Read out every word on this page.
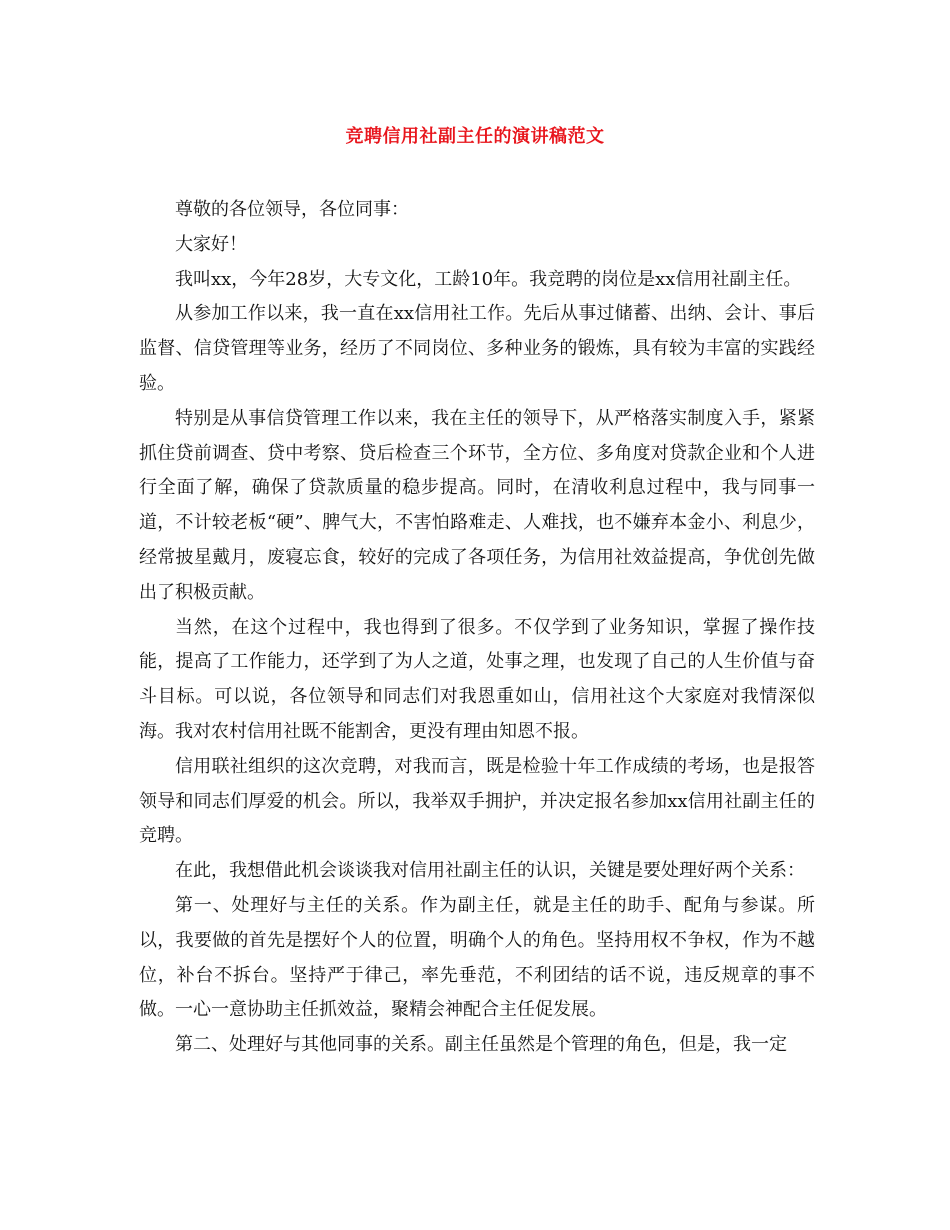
竞聘信用社副主任的演讲稿范文

尊敬的各位领导，各位同事：

大家好！

我叫xx，今年28岁，大专文化，工龄10年。我竞聘的岗位是xx信用社副主任。

从参加工作以来，我一直在xx信用社工作。先后从事过储蓄、出纳、会计、事后监督、信贷管理等业务，经历了不同岗位、多种业务的锻炼，具有较为丰富的实践经验。

特别是从事信贷管理工作以来，我在主任的领导下，从严格落实制度入手，紧紧抓住贷前调查、贷中考察、贷后检查三个环节，全方位、多角度对贷款企业和个人进行全面了解，确保了贷款质量的稳步提高。同时，在清收利息过程中，我与同事一道，不计较老板“硬”、脾气大，不害怕路难走、人难找，也不嫌弃本金小、利息少，经常披星戴月，废寝忘食，较好的完成了各项任务，为信用社效益提高，争优创先做出了积极贡献。

当然，在这个过程中，我也得到了很多。不仅学到了业务知识，掌握了操作技能，提高了工作能力，还学到了为人之道，处事之理，也发现了自己的人生价值与奋斗目标。可以说，各位领导和同志们对我恩重如山，信用社这个大家庭对我情深似海。我对农村信用社既不能割舍，更没有理由知恩不报。

信用联社组织的这次竞聘，对我而言，既是检验十年工作成绩的考场，也是报答领导和同志们厚爱的机会。所以，我举双手拥护，并决定报名参加xx信用社副主任的竞聘。

在此，我想借此机会谈谈我对信用社副主任的认识，关键是要处理好两个关系：

第一、处理好与主任的关系。作为副主任，就是主任的助手、配角与参谋。所以，我要做的首先是摆好个人的位置，明确个人的角色。坚持用权不争权，作为不越位，补台不拆台。坚持严于律己，率先垂范，不利团结的话不说，违反规章的事不做。一心一意协助主任抓效益，聚精会神配合主任促发展。

第二、处理好与其他同事的关系。副主任虽然是个管理的角色，但是，我一定
